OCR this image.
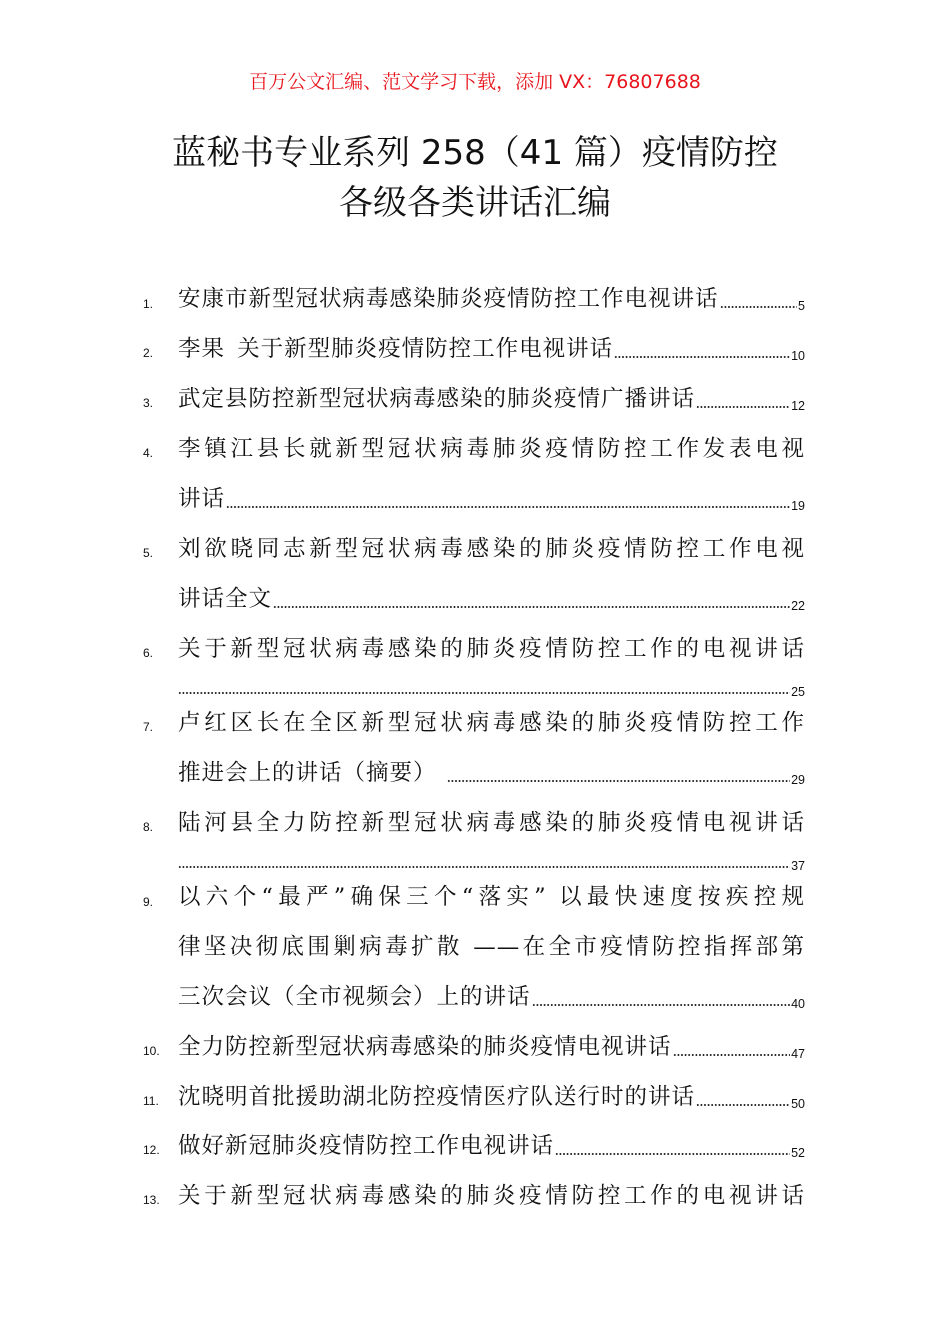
百万公文汇编、范文学习下载，添加 VX：76807688
蓝秘书专业系列 258（41 篇）疫情防控
各级各类讲话汇编
1.	安康市新型冠状病毒感染肺炎疫情防控工作电视讲话	5
2.	李果 关于新型肺炎疫情防控工作电视讲话	10
3.	武定县防控新型冠状病毒感染的肺炎疫情广播讲话	12
4.	李镇江县长就新型冠状病毒肺炎疫情防控工作发表电视
讲话	19
5.	刘欲晓同志新型冠状病毒感染的肺炎疫情防控工作电视
讲话全文	22
6.	关于新型冠状病毒感染的肺炎疫情防控工作的电视讲话
25
7.	卢红区长在全区新型冠状病毒感染的肺炎疫情防控工作
推进会上的讲话（摘要）	29
8.	陆河县全力防控新型冠状病毒感染的肺炎疫情电视讲话
37
9.	以六个“最严”确保三个“落实” 以最快速度按疾控规
律坚决彻底围剿病毒扩散 ——在全市疫情防控指挥部第
三次会议（全市视频会）上的讲话	40
10. 全力防控新型冠状病毒感染的肺炎疫情电视讲话	47
11. 沈晓明首批援助湖北防控疫情医疗队送行时的讲话	50
12. 做好新冠肺炎疫情防控工作电视讲话	52
13. 关于新型冠状病毒感染的肺炎疫情防控工作的电视讲话
